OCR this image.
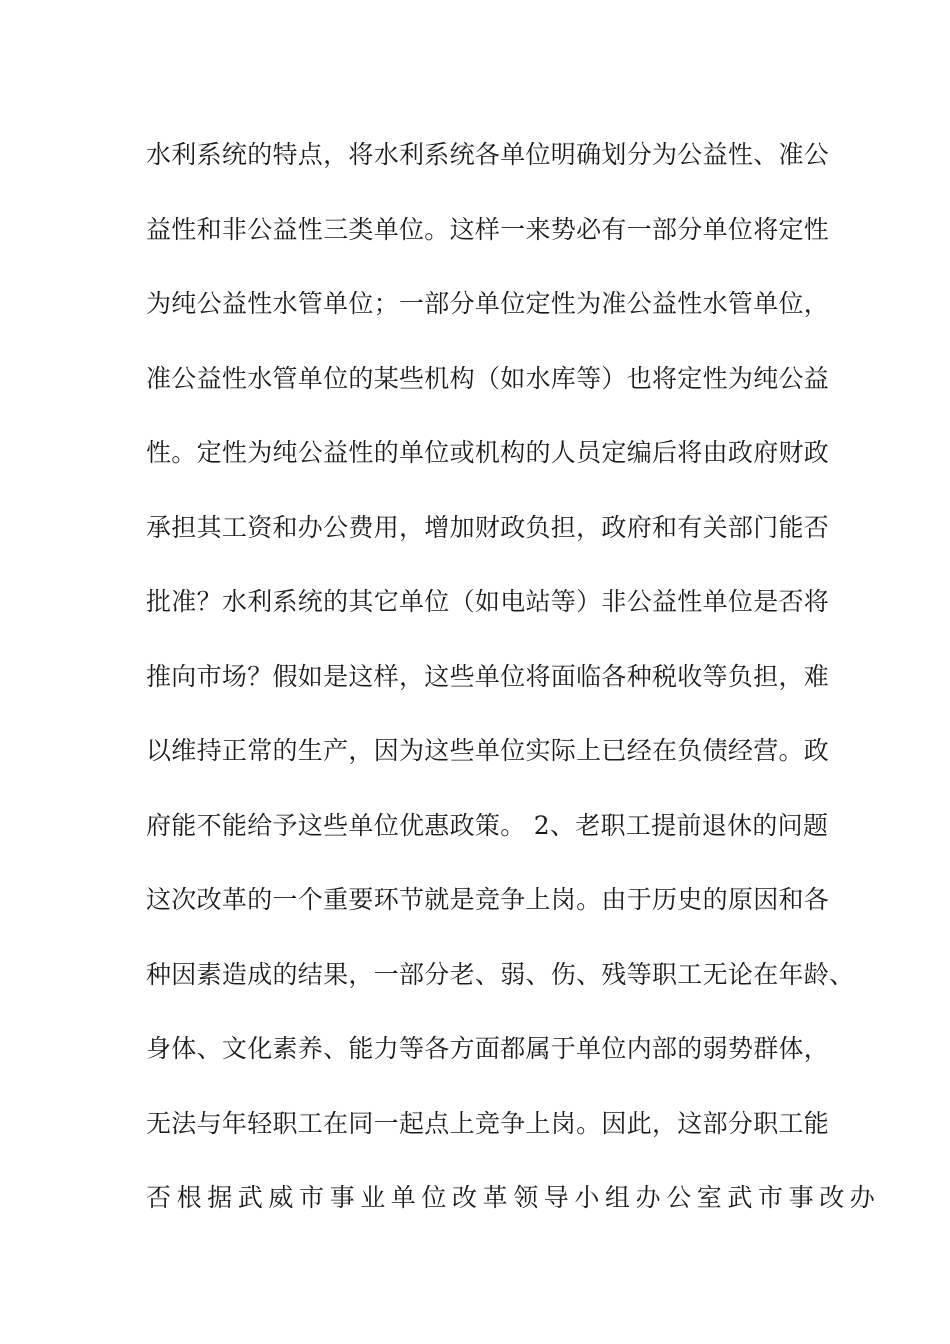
水利系统的特点，将水利系统各单位明确划分为公益性、准公
益性和非公益性三类单位。这样一来势必有一部分单位将定性
为纯公益性水管单位；一部分单位定性为准公益性水管单位，
准公益性水管单位的某些机构（如水库等）也将定性为纯公益
性。定性为纯公益性的单位或机构的人员定编后将由政府财政
承担其工资和办公费用，增加财政负担，政府和有关部门能否
批准？水利系统的其它单位（如电站等）非公益性单位是否将
推向市场？假如是这样，这些单位将面临各种税收等负担，难
以维持正常的生产，因为这些单位实际上已经在负债经营。政
府能不能给予这些单位优惠政策。 2、老职工提前退休的问题
这次改革的一个重要环节就是竞争上岗。由于历史的原因和各
种因素造成的结果，一部分老、弱、伤、残等职工无论在年龄、
身体、文化素养、能力等各方面都属于单位内部的弱势群体，
无法与年轻职工在同一起点上竞争上岗。因此，这部分职工能
否根据武威市事业单位改革领导小组办公室武市事改办
